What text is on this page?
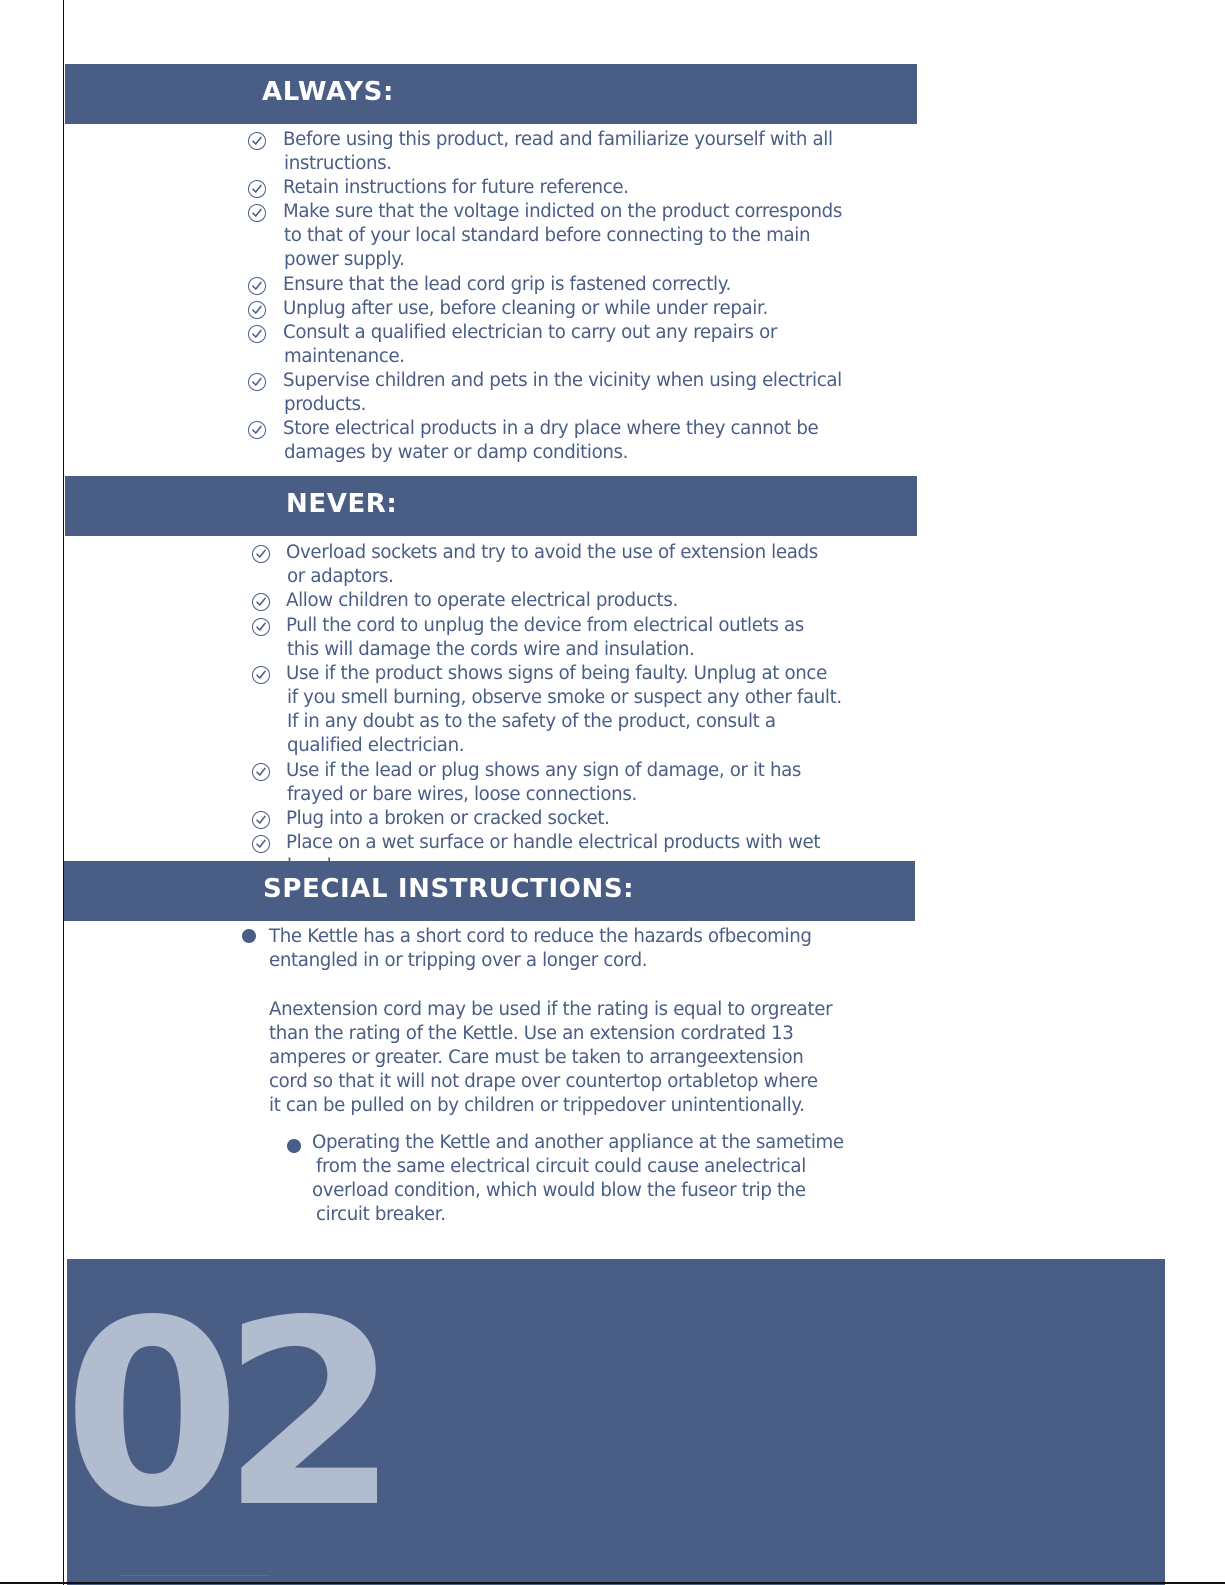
ALWAYS:
Before using this product, read and familiarize yourself with all
instructions.
Retain instructions for future reference.
Make sure that the voltage indicted on the product corresponds
to that of your local standard before connecting to the main
power supply.
Ensure that the lead cord grip is fastened correctly.
Unplug after use, before cleaning or while under repair.
Consult a qualified electrician to carry out any repairs or
maintenance.
Supervise children and pets in the vicinity when using electrical
products.
Store electrical products in a dry place where they cannot be
damages by water or damp conditions.
NEVER:
Overload sockets and try to avoid the use of extension leads
or adaptors.
Allow children to operate electrical products.
Pull the cord to unplug the device from electrical outlets as
this will damage the cords wire and insulation.
Use if the product shows signs of being faulty. Unplug at once
if you smell burning, observe smoke or suspect any other fault.
If in any doubt as to the safety of the product, consult a
qualified electrician.
Use if the lead or plug shows any sign of damage, or it has
frayed or bare wires, loose connections.
Plug into a broken or cracked socket.
Place on a wet surface or handle electrical products with wet
SPECIAL INSTRUCTIONS:
The Kettle has a short cord to reduce the hazards ofbecoming
entangled in or tripping over a longer cord.
Anextension cord may be used if the rating is equal to orgreater
than the rating of the Kettle. Use an extension cordrated 13
amperes or greater. Care must be taken to arrangeextension
cord so that it will not drape over countertop ortabletop where
it can be pulled on by children or trippedover unintentionally.
Operating the Kettle and another appliance at the sametime
from the same electrical circuit could cause anelectrical
overload condition, which would blow the fuseor trip the
circuit breaker.
02
